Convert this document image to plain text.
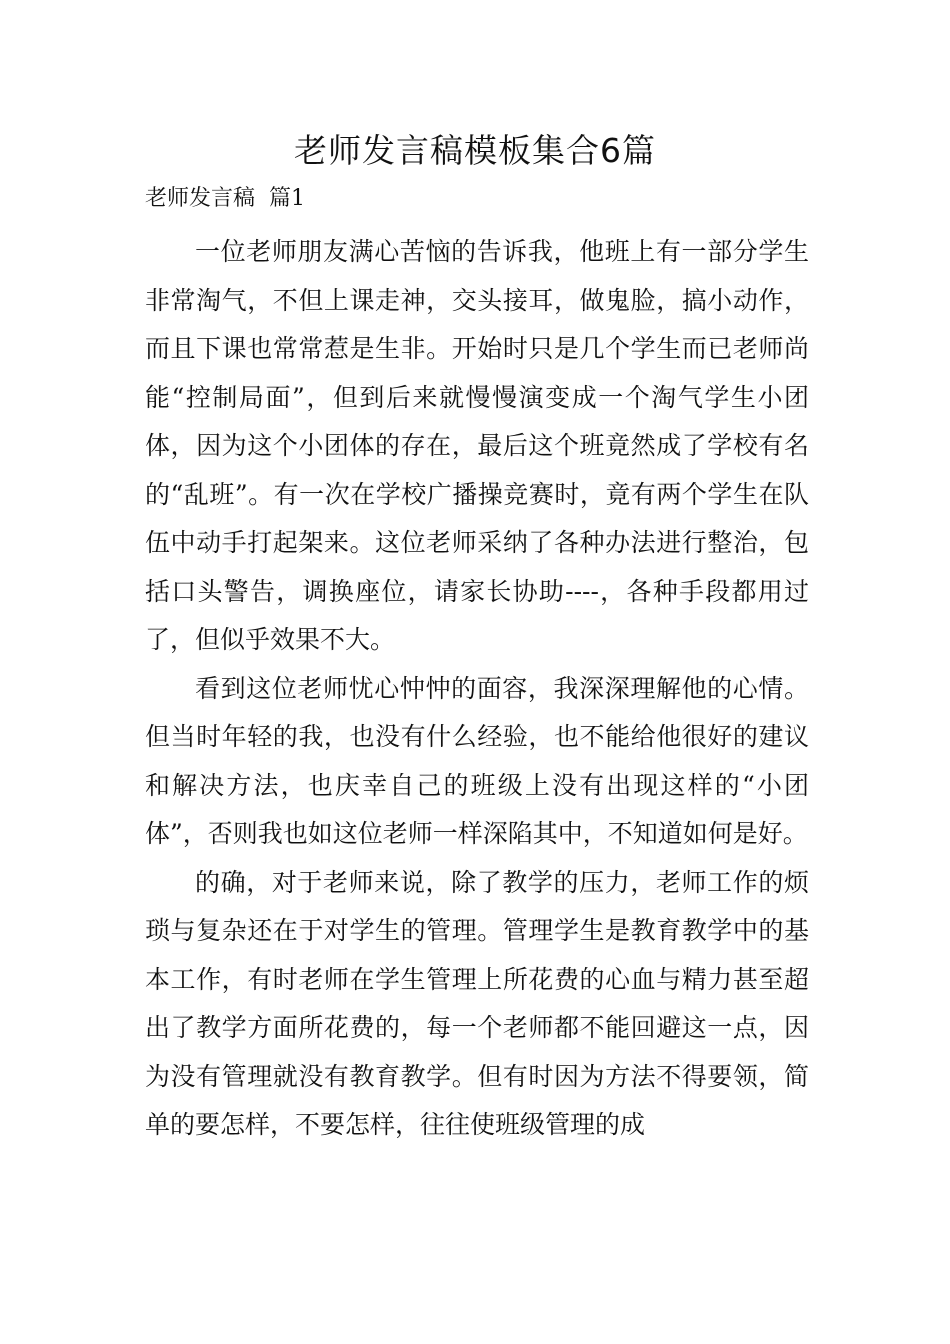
老师发言稿模板集合6篇
老师发言稿  篇1

一位老师朋友满心苦恼的告诉我，他班上有一部分学生非常淘气，不但上课走神，交头接耳，做鬼脸，搞小动作，而且下课也常常惹是生非。开始时只是几个学生而已老师尚能“控制局面”，但到后来就慢慢演变成一个淘气学生小团体，因为这个小团体的存在，最后这个班竟然成了学校有名的“乱班”。有一次在学校广播操竞赛时，竟有两个学生在队伍中动手打起架来。这位老师采纳了各种办法进行整治，包括口头警告，调换座位，请家长协助----，各种手段都用过了，但似乎效果不大。

看到这位老师忧心忡忡的面容，我深深理解他的心情。但当时年轻的我，也没有什么经验，也不能给他很好的建议和解决方法，也庆幸自己的班级上没有出现这样的“小团体”，否则我也如这位老师一样深陷其中，不知道如何是好。

的确，对于老师来说，除了教学的压力，老师工作的烦琐与复杂还在于对学生的管理。管理学生是教育教学中的基本工作，有时老师在学生管理上所花费的心血与精力甚至超出了教学方面所花费的，每一个老师都不能回避这一点，因为没有管理就没有教育教学。但有时因为方法不得要领，简单的要怎样，不要怎样，往往使班级管理的成
